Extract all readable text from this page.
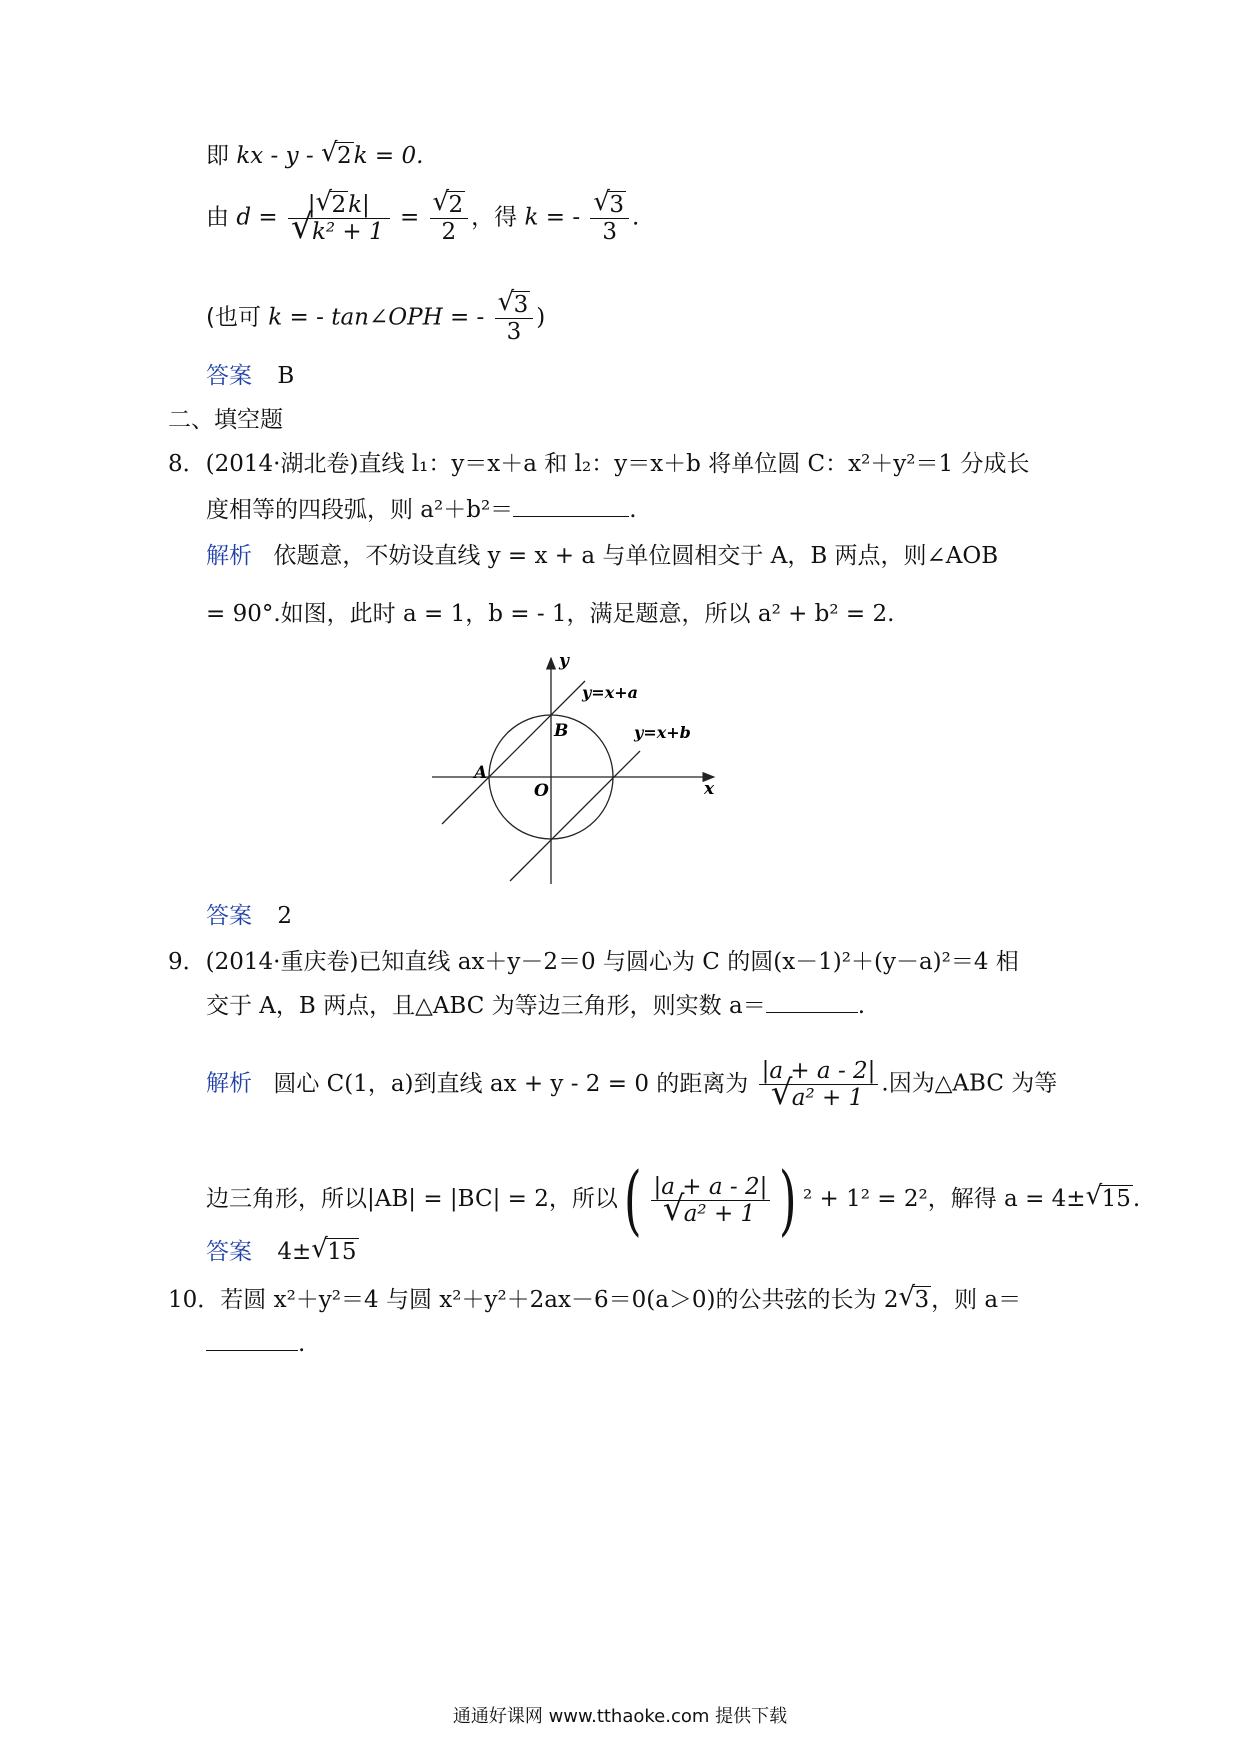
即 kx - y - √ 2k = 0.
由 d = | √ 2k|
√ k² + 1 = √ $\frac{2}{2}$ ，得 k = - √ $\frac{3}{3}$ .
(也可 k = - tan∠OPH = - √ $\frac{3}{3}$ )
答案 B
二、填空题
8．(2014·湖北卷)直线 l₁：y＝x＋a 和 l₂：y＝x＋b 将单位圆 C：x²＋y²＝1 分成长
度相等的四段弧，则 a²＋b²＝	.
解析 依题意，不妨设直线 y = x + a 与单位圆相交于 A，B 两点，则∠AOB
= 90°.如图，此时 a = 1，b = - 1，满足题意，所以 a² + b² = 2.
y
x
O
A
B
y=x+a
y=x+b
答案 2
9．(2014·重庆卷)已知直线 ax＋y－2＝0 与圆心为 C 的圆(x－1)²＋(y－a)²＝4 相
交于 A，B 两点，且△ABC 为等边三角形，则实数 a＝	.
解析 圆心 C(1，a)到直线 ax + y - 2 = 0 的距离为 |a + a - 2|
√ a² + 1 .因为△ABC 为等
边三角形，所以|AB| = |BC| = 2，所以( |a + a - 2|
√ a² + 1 ) ² + 1² = 2²，解得 a = 4± √ 15.
答案 4± √ 15
10．若圆 x²＋y²＝4 与圆 x²＋y²＋2ax－6＝0(a＞0)的公共弦的长为 2 √ 3，则 a＝
.
通通好课网 www.tthaoke.com 提供下载
